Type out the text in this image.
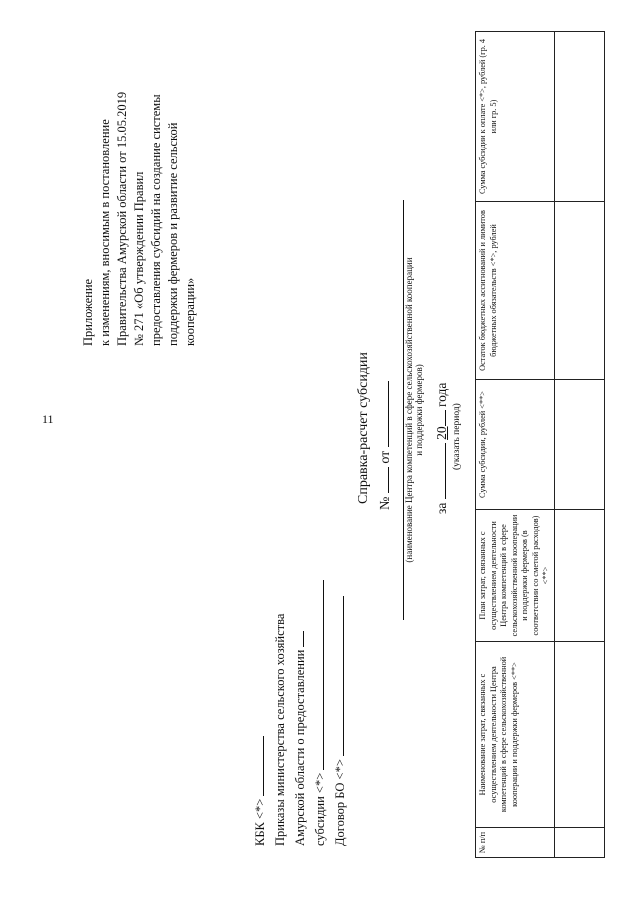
11
Приложение к изменениям, вносимым в постановление Правительства Амурской области от 15.05.2019 № 271 «Об утверждении Правил предоставления субсидий на создание системы поддержки фермеров и развитие сельской кооперации»
КБК <*> Приказы министерства сельского хозяйства Амурской области о предоставлении субсидии <*> Договор БО <*>
Справка-расчет субсидии №  от (наименование Центра компетенций в сфере сельскохозяйственной кооперации и поддержки фермеров)
за  20 года
(указать период)
№ п/п	Наименование затрат, связанных с осуществлением деятельности Центра компетенций в сфере сельскохозяйственной кооперации и поддержки фермеров <**>	План затрат, связанных с осуществлением деятельности Центра компетенций в сфере сельскохозяйственной кооперации и поддержки фермеров (в соответствии со сметой расходов) <**>	Сумма субсидии, рублей <**>	Остаток бюджетных ассигнований и лимитов бюджетных обязательств <*>, рублей	Сумма субсидии к оплате <*>, рублей (гр. 4 или гр. 5)
